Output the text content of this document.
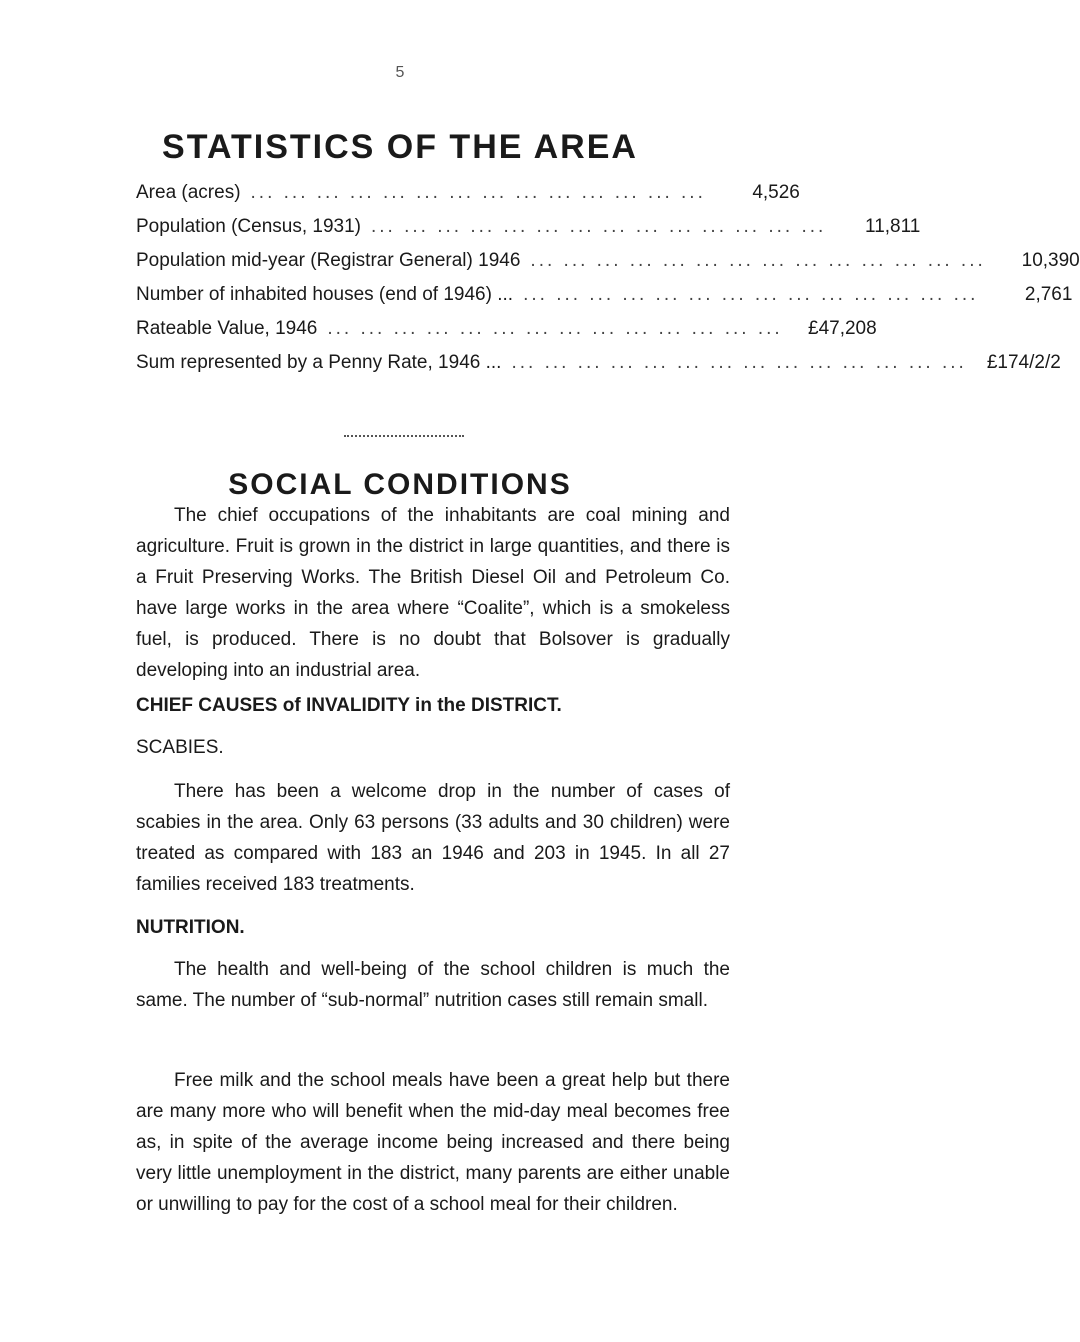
5
STATISTICS OF THE AREA
Area (acres) ... ... ... ... ... ... ... ... ... ... ... ... ... ...	4,526
Population (Census, 1931) ... ... ... ... ... ... ... ... ... ... ... ... ... ...	11,811
Population mid-year (Registrar General) 1946 ... ... ... ... ... ... ... ... ... ... ... ... ... ...	10,390
Number of inhabited houses (end of 1946) ... ... ... ... ... ... ... ... ... ... ... ... ... ... ...	2,761
Rateable Value, 1946 ... ... ... ... ... ... ... ... ... ... ... ... ... ...	£47,208
Sum represented by a Penny Rate, 1946 ... ... ... ... ... ... ... ... ... ... ... ... ... ... ...	£174/2/2
SOCIAL CONDITIONS

The chief occupations of the inhabitants are coal mining and agriculture. Fruit is grown in the district in large quantities, and there is a Fruit Preserving Works. The British Diesel Oil and Petroleum Co. have large works in the area where “Coalite”, which is a smokeless fuel, is produced. There is no doubt that Bolsover is gradually developing into an industrial area.

CHIEF CAUSES of INVALIDITY in the DISTRICT.

SCABIES.

There has been a welcome drop in the number of cases of scabies in the area. Only 63 persons (33 adults and 30 children) were treated as compared with 183 an 1946 and 203 in 1945. In all 27 families received 183 treatments.

NUTRITION.

The health and well-being of the school children is much the same. The number of “sub-normal” nutrition cases still remain small.

Free milk and the school meals have been a great help but there are many more who will benefit when the mid-day meal becomes free as, in spite of the average income being increased and there being very little unemployment in the district, many parents are either unable or unwilling to pay for the cost of a school meal for their children.
